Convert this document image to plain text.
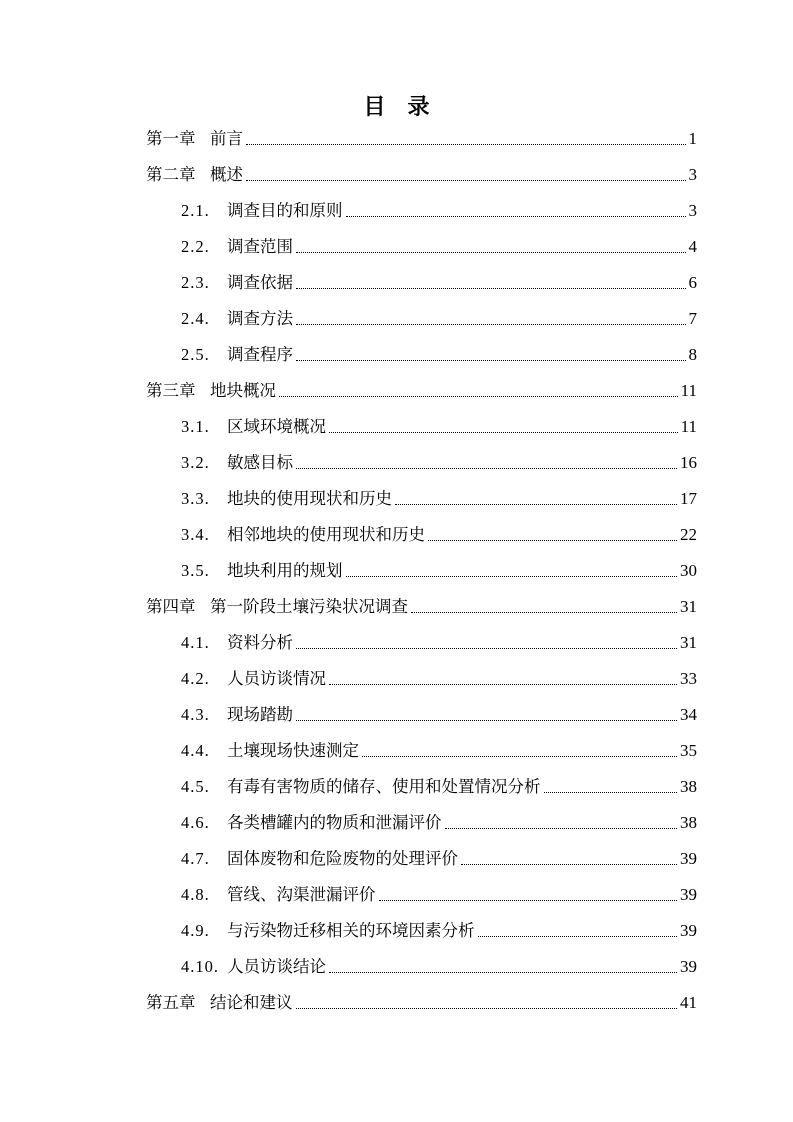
目 录
第一章 前言	1
第二章 概述	3
2.1.	调查目的和原则	3
2.2.	调查范围	4
2.3.	调查依据	6
2.4.	调查方法	7
2.5.	调查程序	8
第三章 地块概况	11
3.1.	区域环境概况	11
3.2.	敏感目标	16
3.3.	地块的使用现状和历史	17
3.4.	相邻地块的使用现状和历史	22
3.5.	地块利用的规划	30
第四章 第一阶段土壤污染状况调查	31
4.1.	资料分析	31
4.2.	人员访谈情况	33
4.3.	现场踏勘	34
4.4.	土壤现场快速测定	35
4.5.	有毒有害物质的储存、使用和处置情况分析	38
4.6.	各类槽罐内的物质和泄漏评价	38
4.7.	固体废物和危险废物的处理评价	39
4.8.	管线、沟渠泄漏评价	39
4.9.	与污染物迁移相关的环境因素分析	39
4.10. 人员访谈结论	39
第五章 结论和建议	41
